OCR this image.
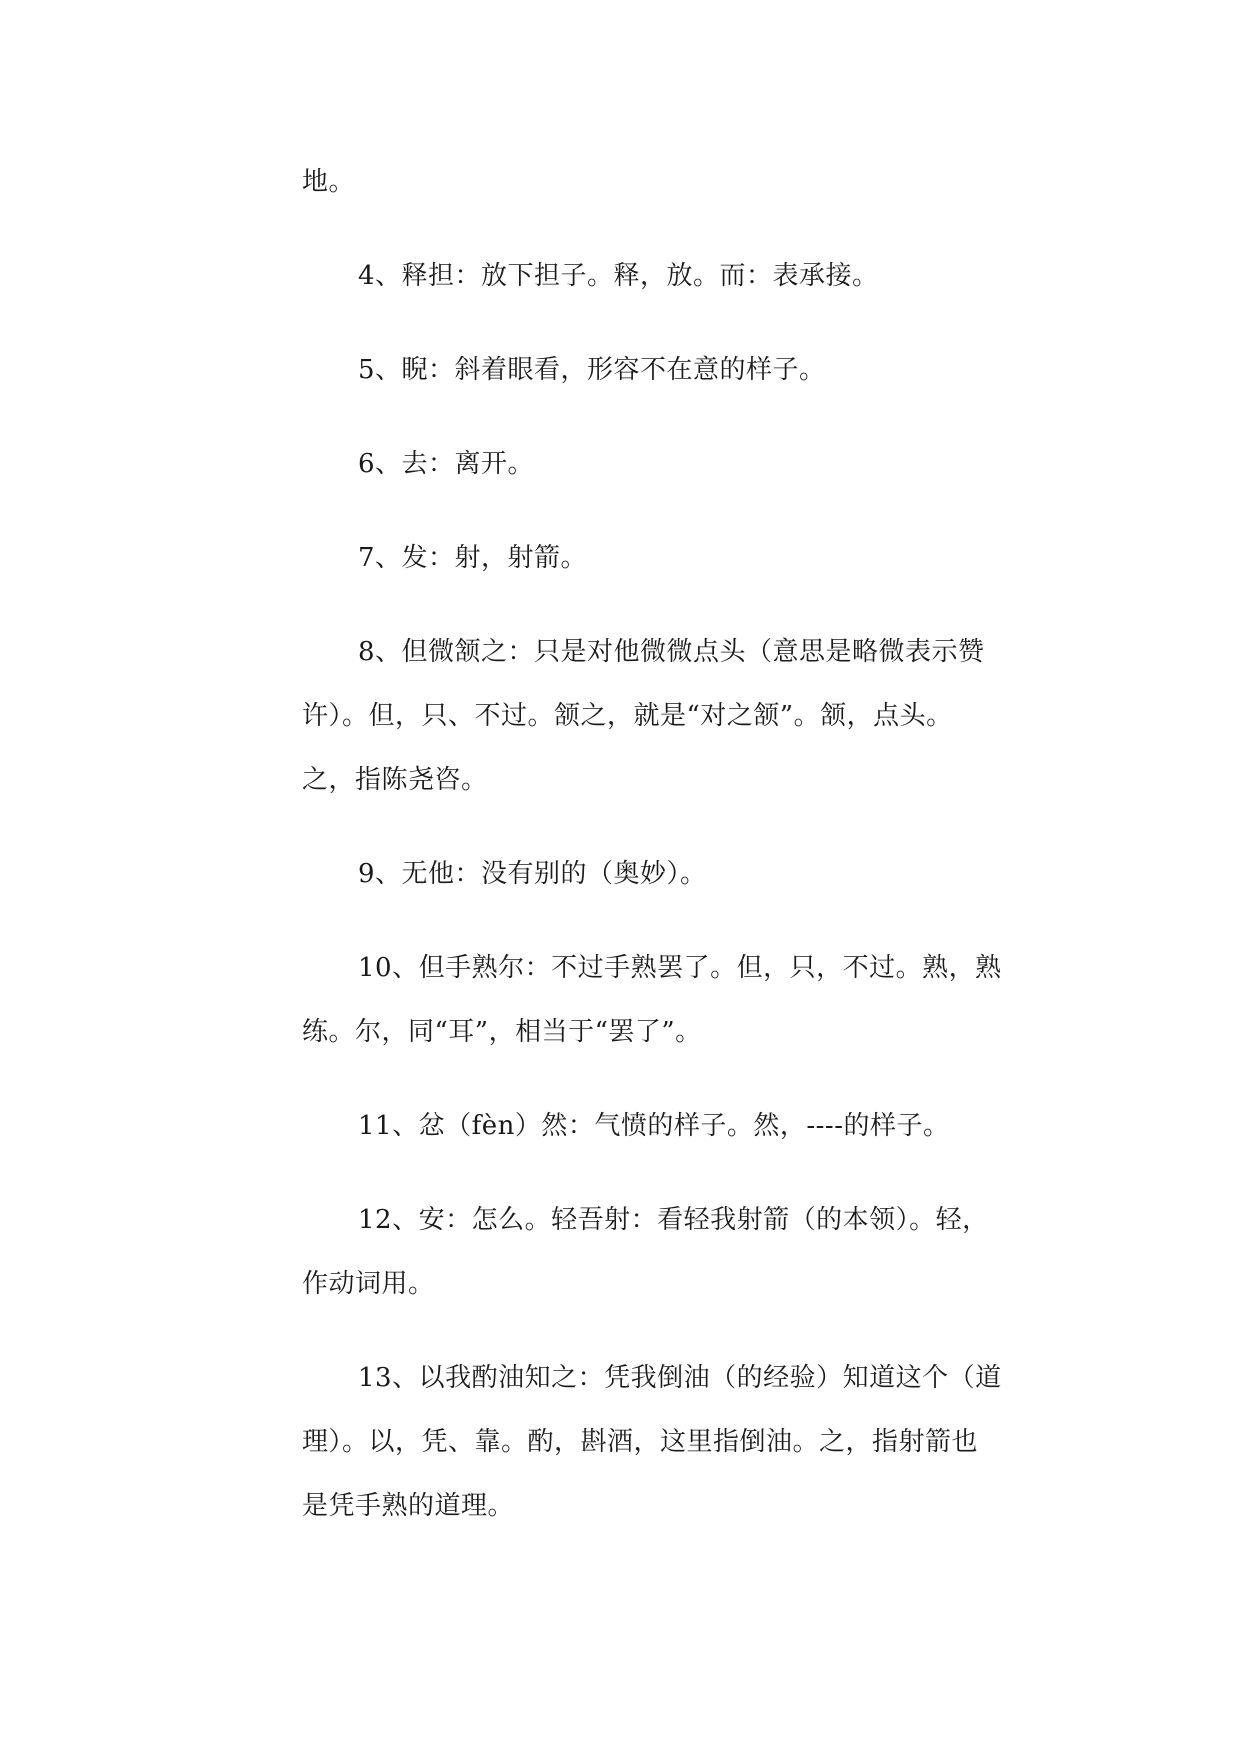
地。
4、释担：放下担子。释，放。而：表承接。
5、睨：斜着眼看，形容不在意的样子。
6、去：离开。
7、发：射，射箭。
8、但微颔之：只是对他微微点头（意思是略微表示赞
许）。但，只、不过。颔之，就是“对之颔”。颔，点头。
之，指陈尧咨。
9、无他：没有别的（奥妙）。
10、但手熟尔：不过手熟罢了。但，只，不过。熟，熟
练。尔，同“耳”，相当于“罢了”。
11、忿（fèn）然：气愤的样子。然，----的样子。
12、安：怎么。轻吾射：看轻我射箭（的本领）。轻，
作动词用。
13、以我酌油知之：凭我倒油（的经验）知道这个（道
理）。以，凭、靠。酌，斟酒，这里指倒油。之，指射箭也
是凭手熟的道理。
